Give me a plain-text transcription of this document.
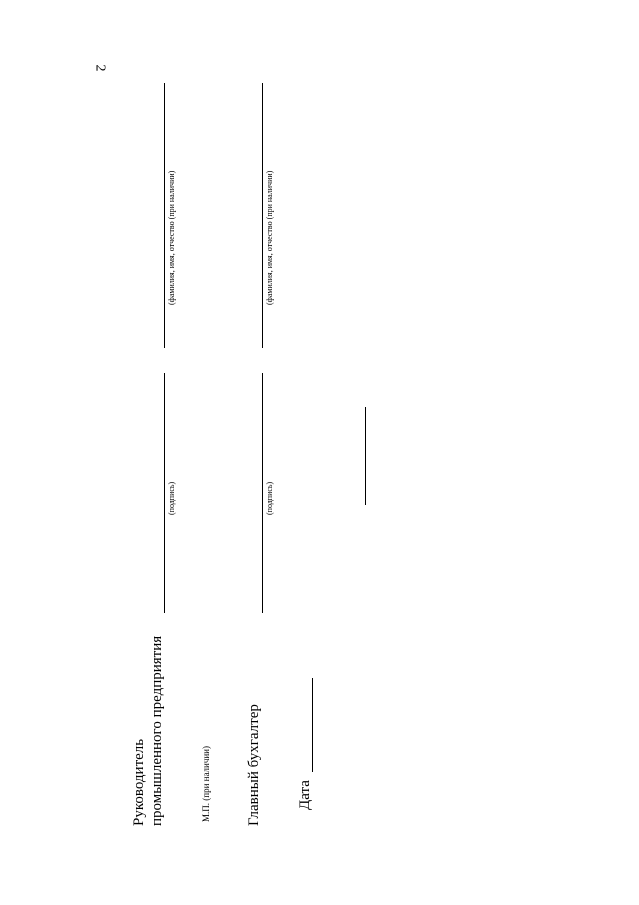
2
Руководитель промышленного предприятия
(подпись)
(фамилия, имя, отчество (при наличии)
М.П. (при наличии) Главный бухгалтер
(подпись)
(фамилия, имя, отчество (при наличии)
Дата
